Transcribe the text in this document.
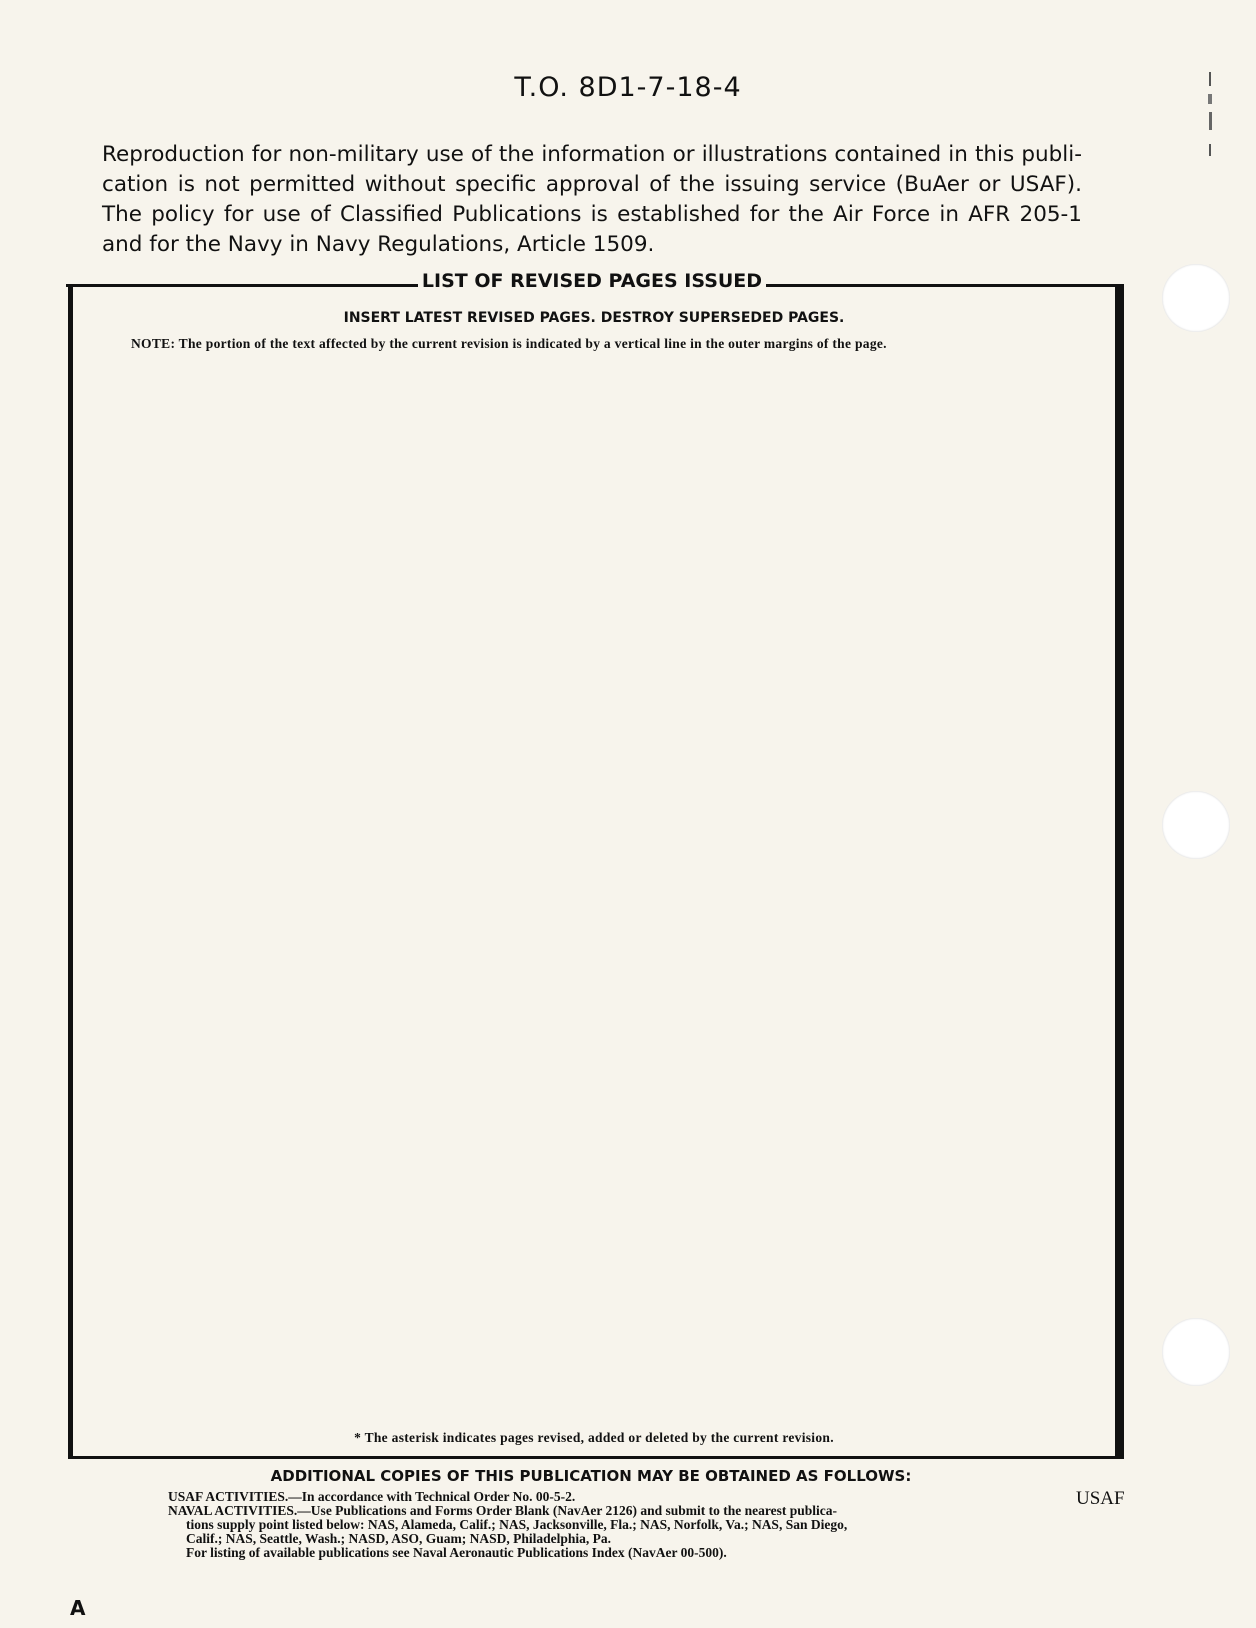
T.O. 8D1-7-18-4
Reproduction for non-military use of the information or illustrations contained in this publi-
cation is not permitted without specific approval of the issuing service (BuAer or USAF).
The policy for use of Classified Publications is established for the Air Force in AFR 205-1
and for the Navy in Navy Regulations, Article 1509.
LIST OF REVISED PAGES ISSUED
INSERT LATEST REVISED PAGES. DESTROY SUPERSEDED PAGES.
NOTE: The portion of the text affected by the current revision is indicated by a vertical line in the outer margins of the page.
* The asterisk indicates pages revised, added or deleted by the current revision.
ADDITIONAL COPIES OF THIS PUBLICATION MAY BE OBTAINED AS FOLLOWS:
USAF ACTIVITIES.—In accordance with Technical Order No. 00-5-2.
NAVAL ACTIVITIES.—Use Publications and Forms Order Blank (NavAer 2126) and submit to the nearest publica-
tions supply point listed below: NAS, Alameda, Calif.; NAS, Jacksonville, Fla.; NAS, Norfolk, Va.; NAS, San Diego,
Calif.; NAS, Seattle, Wash.; NASD, ASO, Guam; NASD, Philadelphia, Pa.
For listing of available publications see Naval Aeronautic Publications Index (NavAer 00-500).
USAF
A
